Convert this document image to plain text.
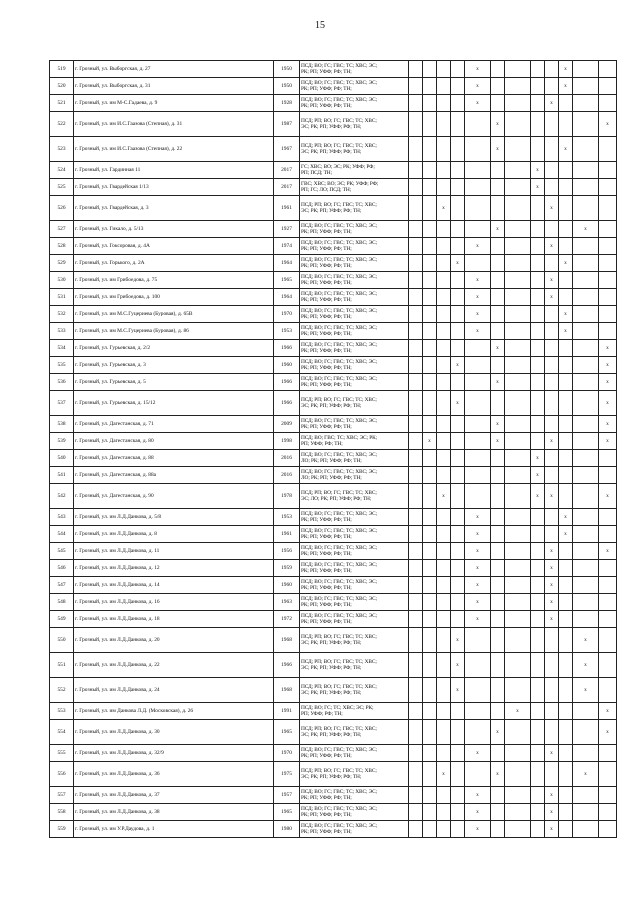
15
519	г. Грозный, ул. Выборгская, д. 27	1950	ПСД; ВО; ГС; ГВС; ТС; ХВС; ЭС;
РК; РП; УФФ; РФ; ТН;					x					x		
520	г. Грозный, ул. Выборгская, д. 31	1950	ПСД; ВО; ГС; ГВС; ТС; ХВС; ЭС;
РК; РП; УФФ; РФ; ТН;					x					x		
521	г. Грозный, ул. им М-С.Гадаева, д. 9	1928	ПСД; ВО; ГС; ГВС; ТС; ХВС; ЭС;
РК; РП; УФФ; РФ; ТН;					x				x			
522	г. Грозный, ул. им И.С.Гаазова (Степная), д. 31	1987	ПСД; РП; ВО; ГС; ГВС; ТС; ХВС;
ЭС; РК; РП; УФФ; РФ; ТН;						x						x
523	г. Грозный, ул. им И.С.Гаазова (Степная), д. 22	1967	ПСД; РП; ВО; ГС; ГВС; ТС; ХВС;
ЭС; РК; РП; УФФ; РФ; ТН;						x				x		
524	г. Грозный, ул. Гардинная 11	2017	ГС; ХВС; ВО; ЭС; РК; УФФ; РФ;
РП; ПСД; ТН;								x				
525	г. Грозный, ул. Гвардейская 1/13	2017	ГВС; ХВС; ВО; ЭС; РК; УФФ; РФ;
РП; ГС; ЛО; ПСД; ТН;								x				
526	г. Грозный, ул. Гвардейская, д. 3	1961	ПСД; РП; ВО; ГС; ГВС; ТС; ХВС;
ЭС; РК; РП; УФФ; РФ; ТН;			x						x			
527	г. Грозный, ул. Гикало, д. 5/13	1927	ПСД; ВО; ГС; ГВС; ТС; ХВС; ЭС;
РК; РП; УФФ; РФ; ТН;						x					x	
528	г. Грозный, ул. Гоксоровая, д. 4А	1974	ПСД; ВО; ГС; ГВС; ТС; ХВС; ЭС;
РК; РП; УФФ; РФ; ТН;					x				x			
529	г. Грозный, ул. Горького, д. 2А	1964	ПСД; ВО; ГС; ГВС; ТС; ХВС; ЭС;
РК; РП; УФФ; РФ; ТН;				x						x		
530	г. Грозный, ул. им Грибоедова, д. 75	1965	ПСД; ВО; ГС; ГВС; ТС; ХВС; ЭС;
РК; РП; УФФ; РФ; ТН;					x				x			
531	г. Грозный, ул. им Грибоедова, д. 100	1964	ПСД; ВО; ГС; ГВС; ТС; ХВС; ЭС;
РК; РП; УФФ; РФ; ТН;					x				x			
532	г. Грозный, ул. им М.С.Гуцериева (Буровая), д. 65В	1970	ПСД; ВО; ГС; ГВС; ТС; ХВС; ЭС;
РК; РП; УФФ; РФ; ТН;					x					x		
533	г. Грозный, ул. им М.С.Гуцериева (Буровая), д. 86	1953	ПСД; ВО; ГС; ГВС; ТС; ХВС; ЭС;
РК; РП; УФФ; РФ; ТН;					x					x		
534	г. Грозный, ул. Гурьевская, д. 2/2	1966	ПСД; ВО; ГС; ГВС; ТС; ХВС; ЭС;
РК; РП; УФФ; РФ; ТН;						x						x
535	г. Грозный, ул. Гурьевская, д. 3	1960	ПСД; ВО; ГС; ГВС; ТС; ХВС; ЭС;
РК; РП; УФФ; РФ; ТН;				x								x
536	г. Грозный, ул. Гурьевская, д. 5	1966	ПСД; ВО; ГС; ГВС; ТС; ХВС; ЭС;
РК; РП; УФФ; РФ; ТН;						x						x
537	г. Грозный, ул. Гурьевская, д. 15/12	1966	ПСД; РП; ВО; ГС; ГВС; ТС; ХВС;
ЭС; РК; РП; УФФ; РФ; ТН;				x								x
538	г. Грозный, ул. Дагестанская, д. 71	2009	ПСД; ВО; ГС; ГВС; ТС; ХВС; ЭС;
РК; РП; УФФ; РФ; ТН;						x						x
539	г. Грозный, ул. Дагестанская, д. 80	1998	ПСД; ВО; ГВС; ТС; ХВС; ЭС; РК;
РП; УФФ; РФ; ТН;		x				x			x			x
540	г. Грозный, ул. Дагестанская, д. 88	2016	ПСД; ВО; ГС; ГВС; ТС; ХВС; ЭС;
ЛО; РК; РП; УФФ; РФ; ТН;								x				
541	г. Грозный, ул. Дагестанская, д. 88а	2016	ПСД; ВО; ГС; ГВС; ТС; ХВС; ЭС;
ЛО; РК; РП; УФФ; РФ; ТН;								x				
542	г. Грозный, ул. Дагестанская, д. 90	1978	ПСД; РП; ВО; ГС; ГВС; ТС; ХВС;
ЭС; ЛО; РК; РП; УФФ; РФ; ТН;			x					x	x			x
543	г. Грозный, ул. им Л.Д.Данкова, д. 5/8	1953	ПСД; ВО; ГС; ГВС; ТС; ХВС; ЭС;
РК; РП; УФФ; РФ; ТН;					x					x		
544	г. Грозный, ул. им Л.Д.Данкова, д. 8	1961	ПСД; ВО; ГС; ГВС; ТС; ХВС; ЭС;
РК; РП; УФФ; РФ; ТН;					x					x		
545	г. Грозный, ул. им Л.Д.Данкова, д. 11	1956	ПСД; ВО; ГС; ГВС; ТС; ХВС; ЭС;
РК; РП; УФФ; РФ; ТН;					x				x			x
546	г. Грозный, ул. им Л.Д.Данкова, д. 12	1959	ПСД; ВО; ГС; ГВС; ТС; ХВС; ЭС;
РК; РП; УФФ; РФ; ТН;					x				x			
547	г. Грозный, ул. им Л.Д.Данкова, д. 14	1960	ПСД; ВО; ГС; ГВС; ТС; ХВС; ЭС;
РК; РП; УФФ; РФ; ТН;					x				x			
548	г. Грозный, ул. им Л.Д.Данкова, д. 16	1963	ПСД; ВО; ГС; ГВС; ТС; ХВС; ЭС;
РК; РП; УФФ; РФ; ТН;					x				x			
549	г. Грозный, ул. им Л.Д.Данкова, д. 18	1972	ПСД; ВО; ГС; ГВС; ТС; ХВС; ЭС;
РК; РП; УФФ; РФ; ТН;					x				x			
550	г. Грозный, ул. им Л.Д.Данкова, д. 20	1968	ПСД; РП; ВО; ГС; ГВС; ТС; ХВС;
ЭС; РК; РП; УФФ; РФ; ТН;				x							x	
551	г. Грозный, ул. им Л.Д.Данкова, д. 22	1966	ПСД; РП; ВО; ГС; ГВС; ТС; ХВС;
ЭС; РК; РП; УФФ; РФ; ТН;				x							x	
552	г. Грозный, ул. им Л.Д.Данкова, д. 24	1968	ПСД; РП; ВО; ГС; ГВС; ТС; ХВС;
ЭС; РК; РП; УФФ; РФ; ТН;				x							x	
553	г. Грозный, ул. им Данкова Л.Д. (Московская), д. 26	1991	ПСД; ВО; ГС; ТС; ХВС; ЭС; РК;
РП; УФФ; РФ; ТН;							x					x
554	г. Грозный, ул. им Л.Д.Данкова, д. 30	1965	ПСД; РП; ВО; ГС; ГВС; ТС; ХВС;
ЭС; РК; РП; УФФ; РФ; ТН;						x						x
555	г. Грозный, ул. им Л.Д.Данкова, д. 32/9	1970	ПСД; ВО; ГС; ГВС; ТС; ХВС; ЭС;
РК; РП; УФФ; РФ; ТН;					x				x			
556	г. Грозный, ул. им Л.Д.Данкова, д. 36	1975	ПСД; РП; ВО; ГС; ГВС; ТС; ХВС;
ЭС; РК; РП; УФФ; РФ; ТН;			x			x					x	
557	г. Грозный, ул. им Л.Д.Данкова, д. 37	1957	ПСД; ВО; ГС; ГВС; ТС; ХВС; ЭС;
РК; РП; УФФ; РФ; ТН;					x				x			
558	г. Грозный, ул. им Л.Д.Данкова, д. 38	1965	ПСД; ВО; ГС; ГВС; ТС; ХВС; ЭС;
РК; РП; УФФ; РФ; ТН;					x				x			
559	г. Грозный, ул. им У.Р.Даудова, д. 1	1980	ПСД; ВО; ГС; ГВС; ТС; ХВС; ЭС;
РК; РП; УФФ; РФ; ТН;					x				x			
